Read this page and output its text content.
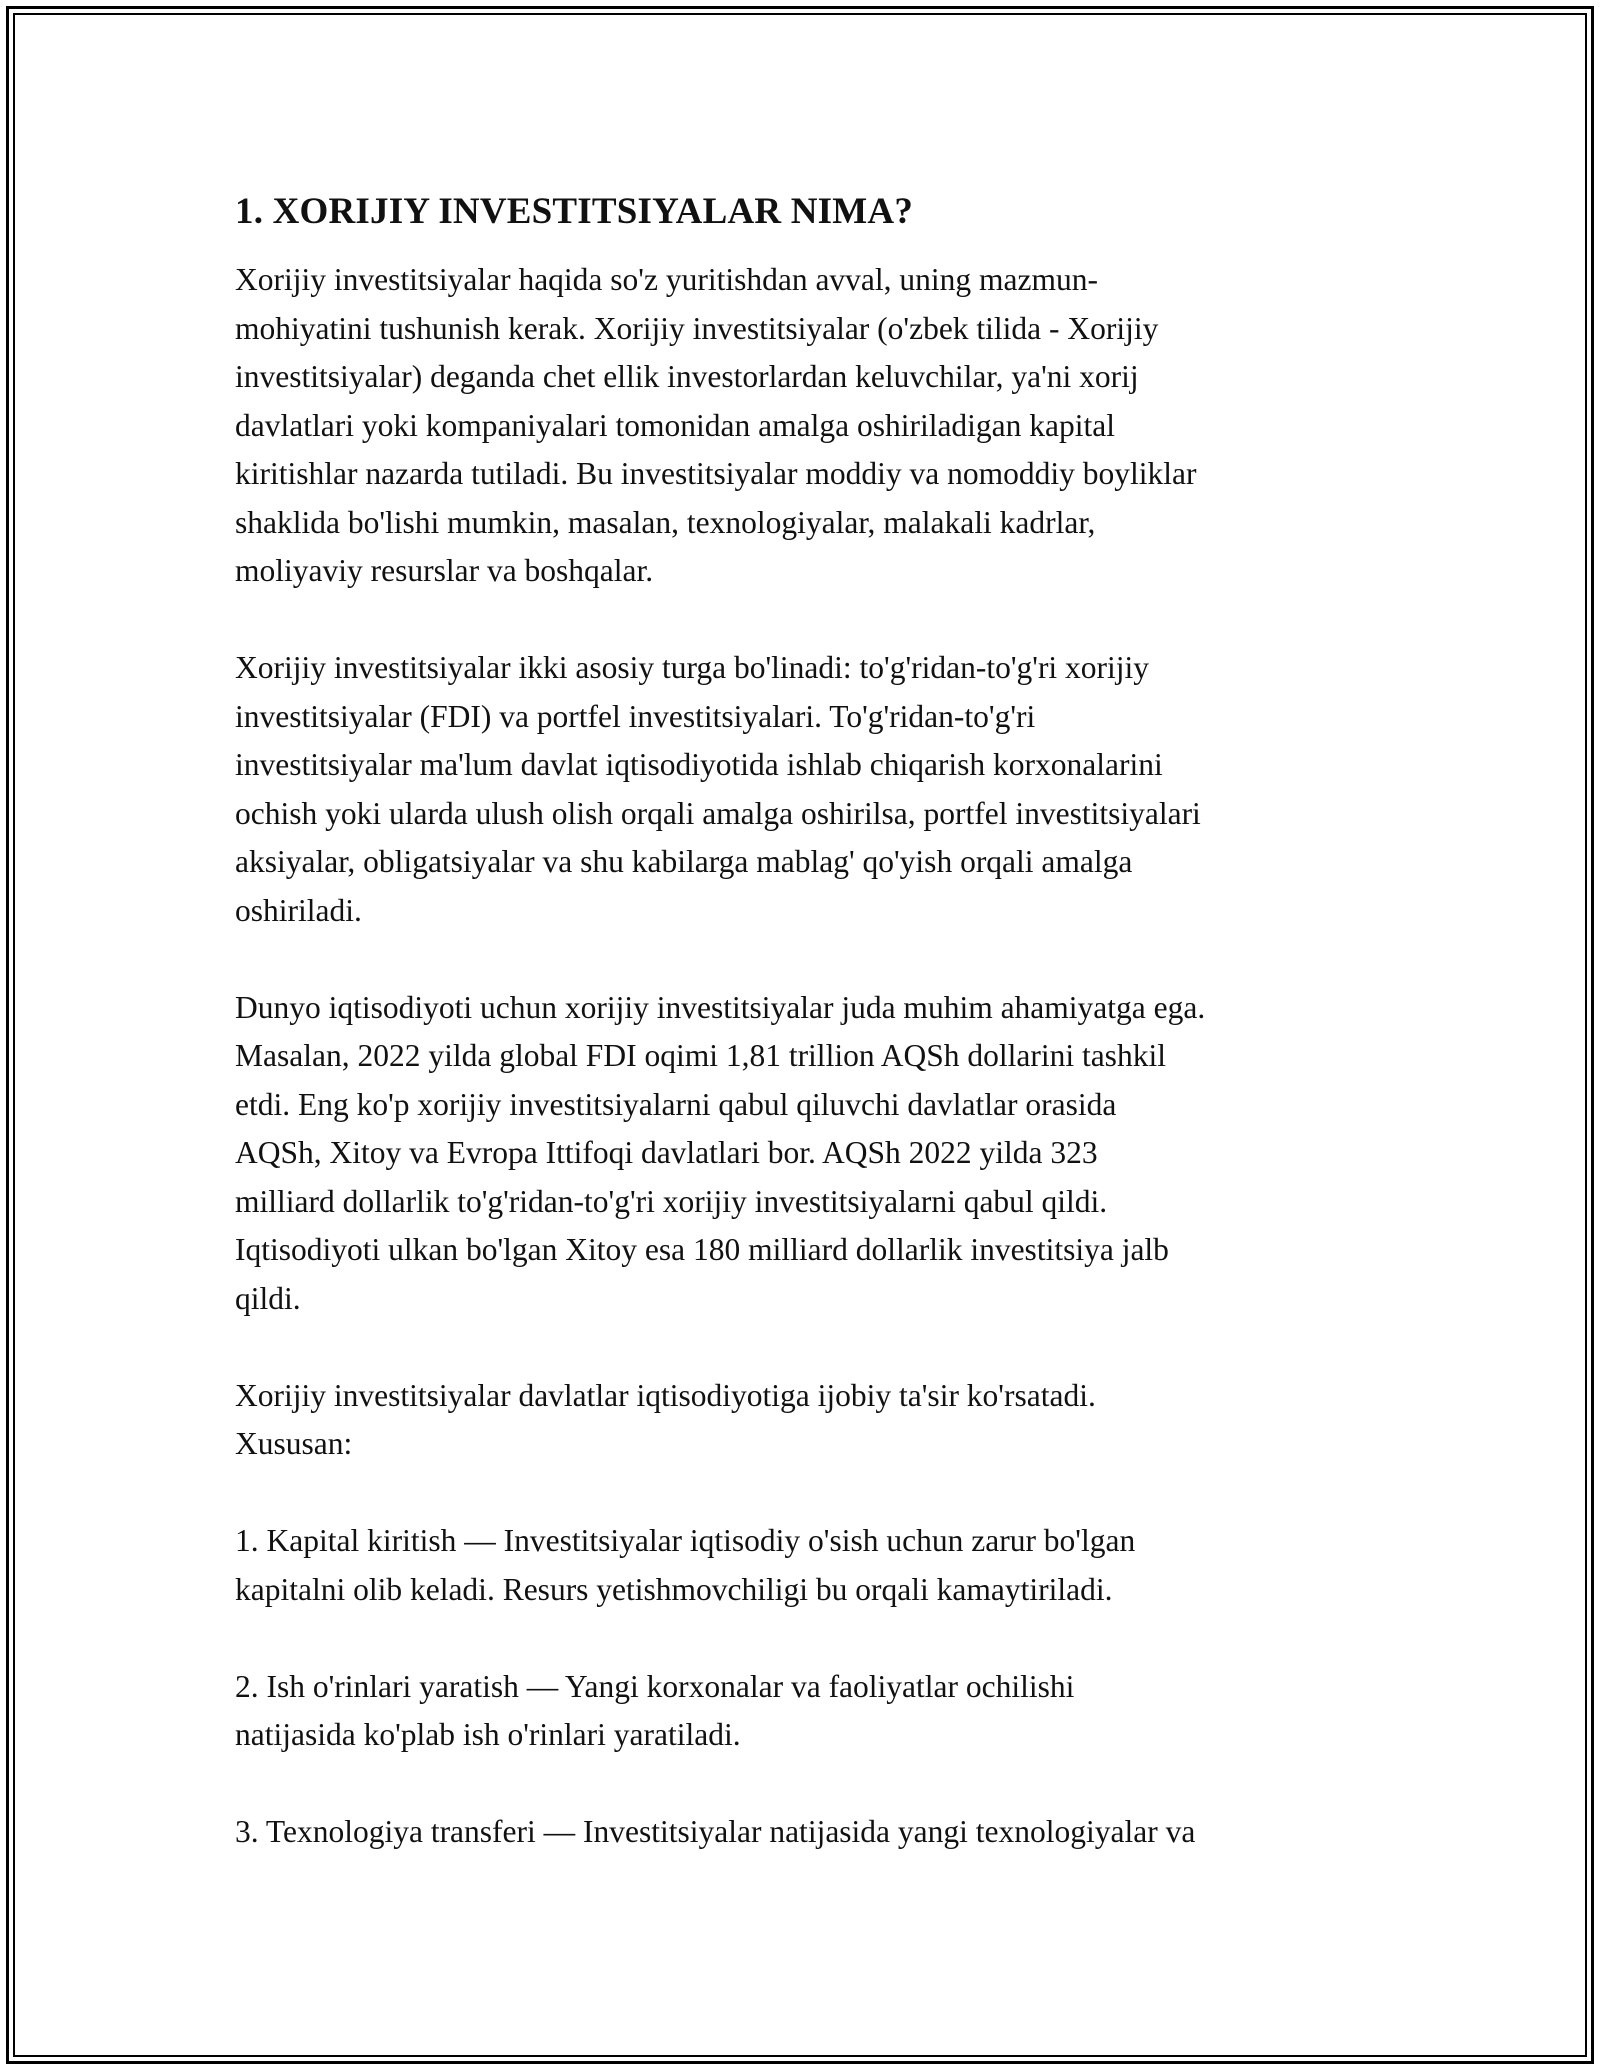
1. XORIJIY INVESTITSIYALAR NIMA?

Xorijiy investitsiyalar haqida so'z yuritishdan avval, uning mazmun-
mohiyatini tushunish kerak. Xorijiy investitsiyalar (o'zbek tilida - Xorijiy
investitsiyalar) deganda chet ellik investorlardan keluvchilar, ya'ni xorij
davlatlari yoki kompaniyalari tomonidan amalga oshiriladigan kapital
kiritishlar nazarda tutiladi. Bu investitsiyalar moddiy va nomoddiy boyliklar
shaklida bo'lishi mumkin, masalan, texnologiyalar, malakali kadrlar,
moliyaviy resurslar va boshqalar.

Xorijiy investitsiyalar ikki asosiy turga bo'linadi: to'g'ridan-to'g'ri xorijiy
investitsiyalar (FDI) va portfel investitsiyalari. To'g'ridan-to'g'ri
investitsiyalar ma'lum davlat iqtisodiyotida ishlab chiqarish korxonalarini
ochish yoki ularda ulush olish orqali amalga oshirilsa, portfel investitsiyalari
aksiyalar, obligatsiyalar va shu kabilarga mablag' qo'yish orqali amalga
oshiriladi.

Dunyo iqtisodiyoti uchun xorijiy investitsiyalar juda muhim ahamiyatga ega.
Masalan, 2022 yilda global FDI oqimi 1,81 trillion AQSh dollarini tashkil
etdi. Eng ko'p xorijiy investitsiyalarni qabul qiluvchi davlatlar orasida
AQSh, Xitoy va Evropa Ittifoqi davlatlari bor. AQSh 2022 yilda 323
milliard dollarlik to'g'ridan-to'g'ri xorijiy investitsiyalarni qabul qildi.
Iqtisodiyoti ulkan bo'lgan Xitoy esa 180 milliard dollarlik investitsiya jalb
qildi.

Xorijiy investitsiyalar davlatlar iqtisodiyotiga ijobiy ta'sir ko'rsatadi.
Xususan:

1. Kapital kiritish — Investitsiyalar iqtisodiy o'sish uchun zarur bo'lgan
kapitalni olib keladi. Resurs yetishmovchiligi bu orqali kamaytiriladi.

2. Ish o'rinlari yaratish — Yangi korxonalar va faoliyatlar ochilishi
natijasida ko'plab ish o'rinlari yaratiladi.

3. Texnologiya transferi — Investitsiyalar natijasida yangi texnologiyalar va
